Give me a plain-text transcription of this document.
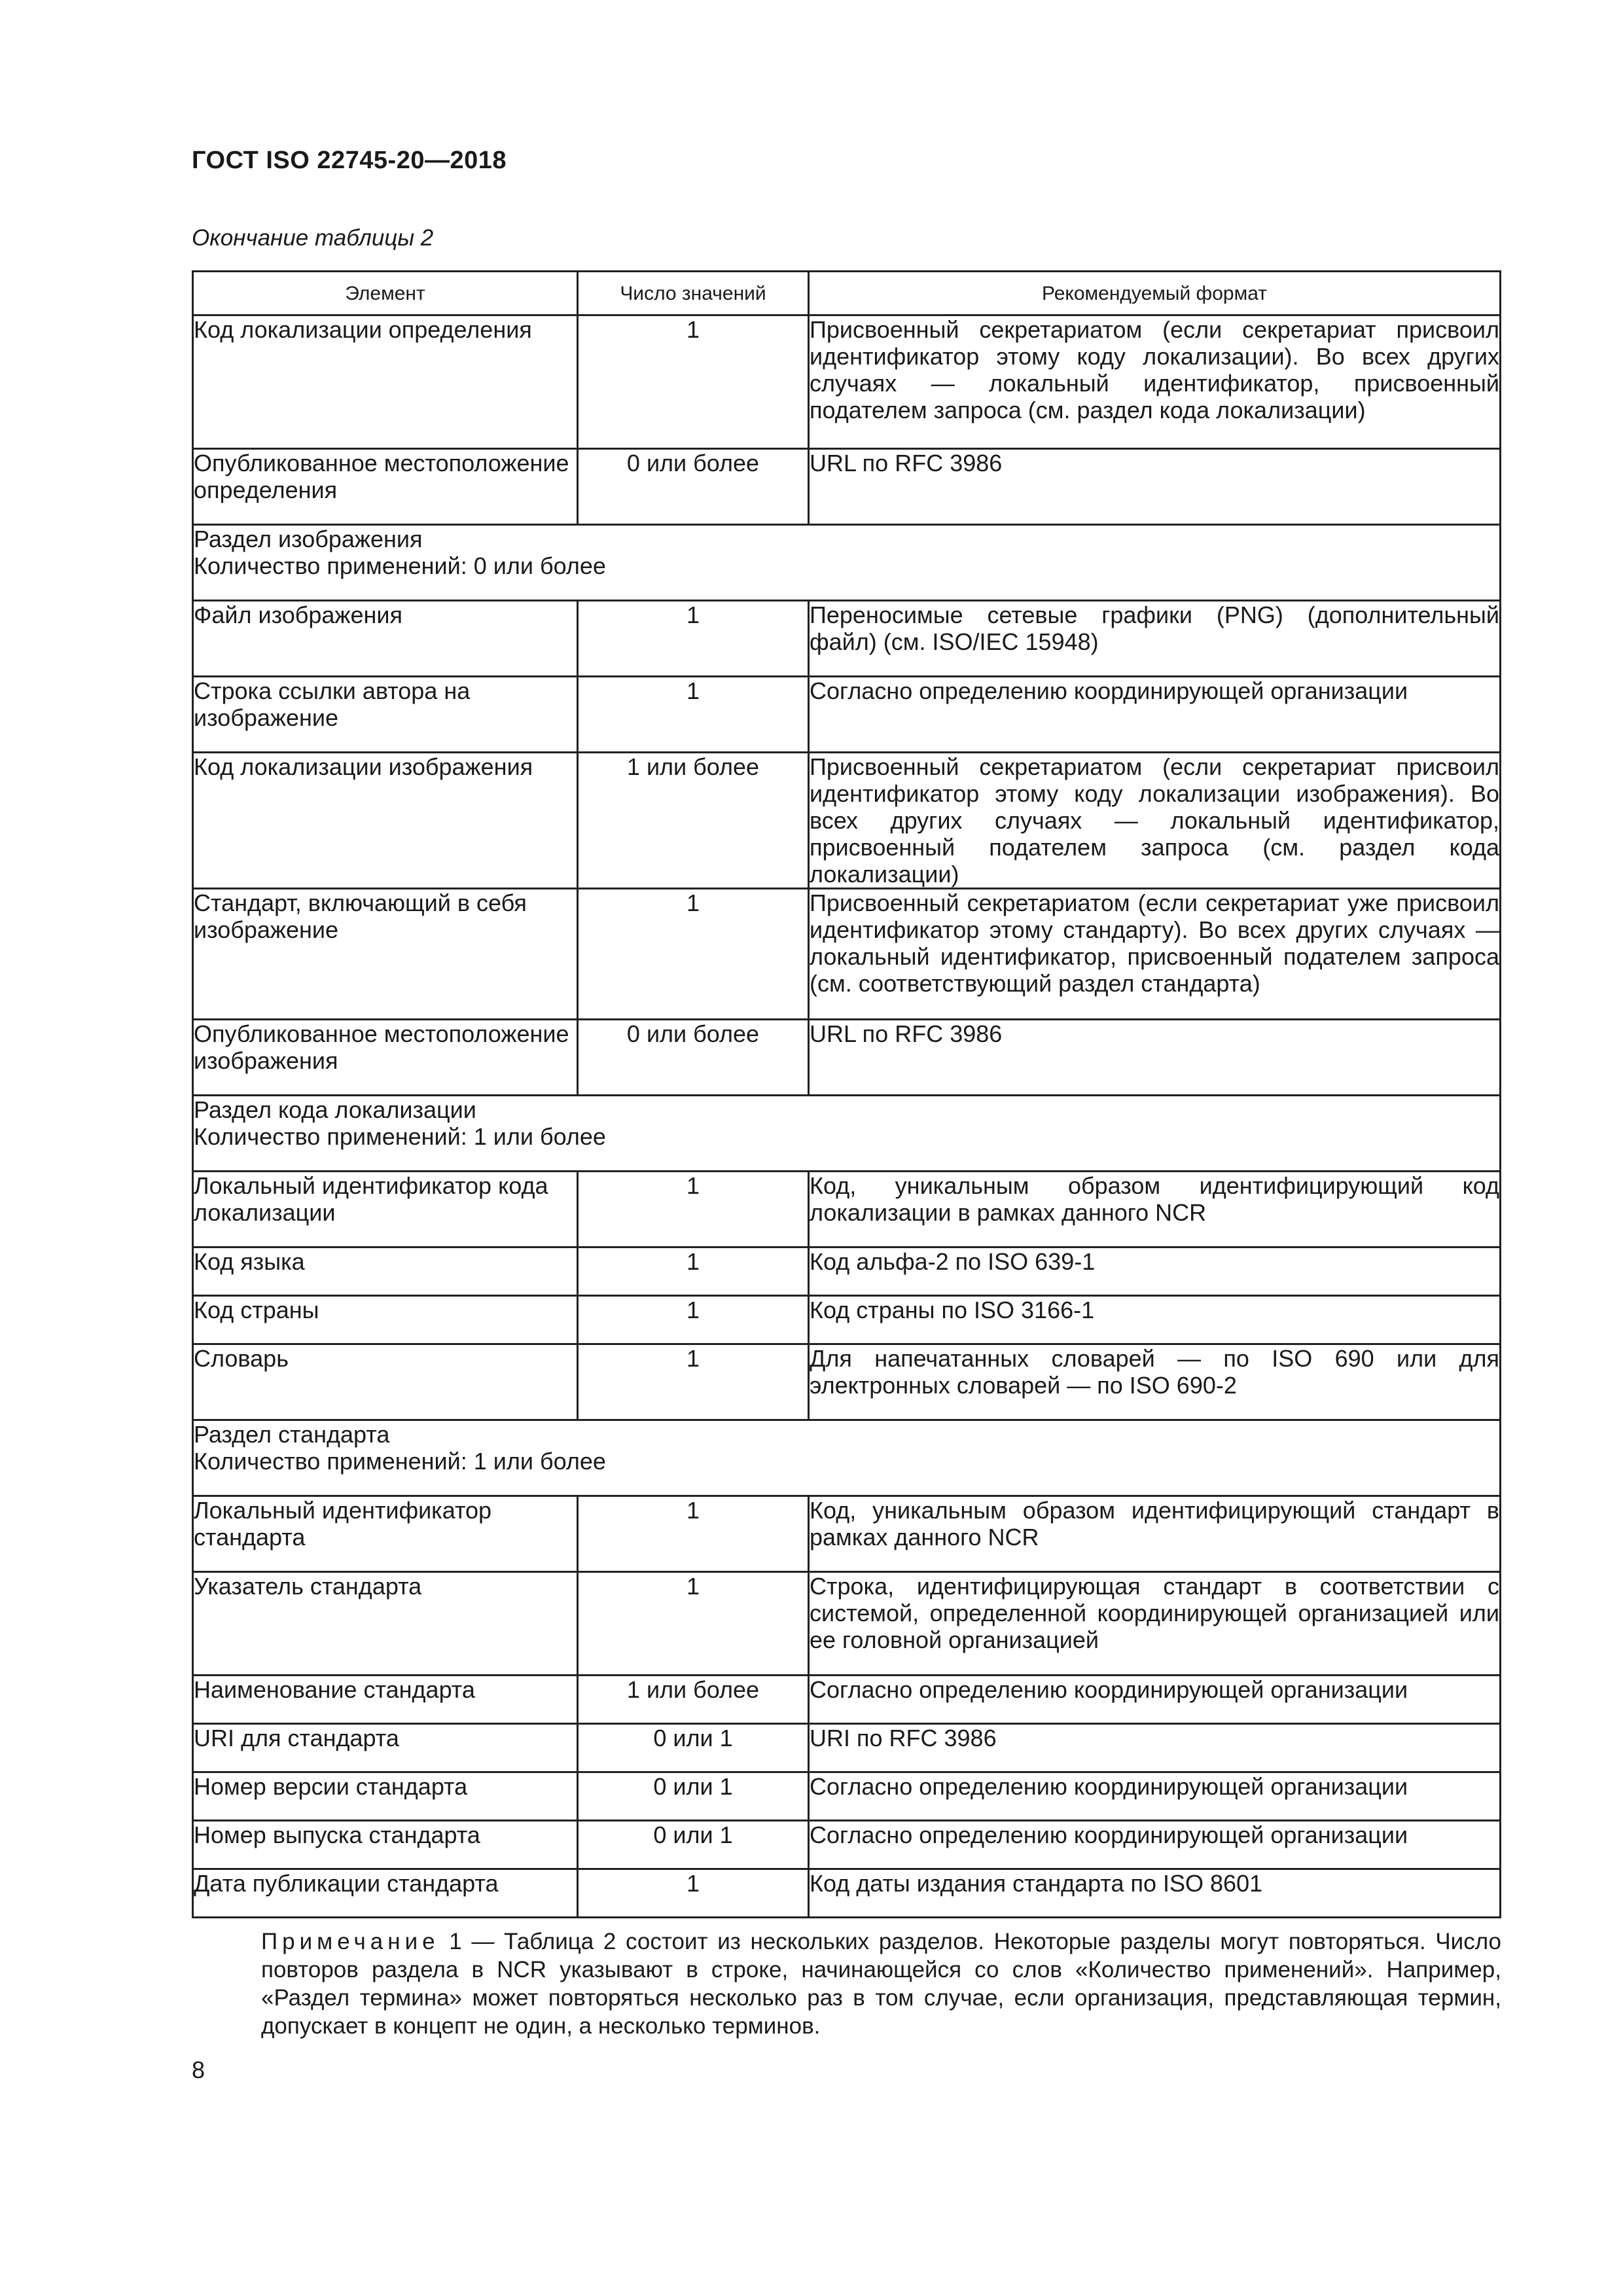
ГОСТ ISO 22745-20—2018
Окончание таблицы 2
Элемент	Число значений	Рекомендуемый формат
Код локализации определения	1	Присвоенный секретариатом (если секретариат присвоил идентификатор этому коду локализации). Во всех других случаях — локальный идентификатор, присвоенный подателем запроса (см. раздел кода локализации)
Опубликованное местоположение определения	0 или более	URL по RFC 3986

Раздел изображения
Количество применений: 0 или более		

Файл изображения	1	Переносимые сетевые графики (PNG) (дополнительный файл) (см. ISO/IEC 15948)
Строка ссылки автора на изображение	1	Согласно определению координирующей организации
Код локализации изображения	1 или более	Присвоенный секретариатом (если секретариат присвоил идентификатор этому коду локализации изображения). Во всех других случаях — локальный идентификатор, присвоенный подателем запроса (см. раздел кода локализации)
Стандарт, включающий в себя изображение	1	Присвоенный секретариатом (если секретариат уже присвоил идентификатор этому стандарту). Во всех других случаях — локальный идентификатор, присвоенный подателем запроса (см. соответствующий раздел стандарта)
Опубликованное местоположение изображения	0 или более	URL по RFC 3986

Раздел кода локализации
Количество применений: 1 или более		

Локальный идентификатор кода локализации	1	Код, уникальным образом идентифицирующий код локализации в рамках данного NCR
Код языка	1	Код альфа-2 по ISO 639-1
Код страны	1	Код страны по ISO 3166-1
Словарь	1	Для напечатанных словарей — по ISO 690 или для электронных словарей — по ISO 690-2

Раздел стандарта
Количество применений: 1 или более		

Локальный идентификатор стандарта	1	Код, уникальным образом идентифицирующий стандарт в рамках данного NCR
Указатель стандарта	1	Строка, идентифицирующая стандарт в соответствии с системой, определенной координирующей организацией или ее головной организацией
Наименование стандарта	1 или более	Согласно определению координирующей организации
URI для стандарта	0 или 1	URI по RFC 3986
Номер версии стандарта	0 или 1	Согласно определению координирующей организации
Номер выпуска стандарта	0 или 1	Согласно определению координирующей организации
Дата публикации стандарта	1	Код даты издания стандарта по ISO 8601
Примечание 1 — Таблица 2 состоит из нескольких разделов. Некоторые разделы могут повторяться. Число повторов раздела в NCR указывают в строке, начинающейся со слов «Количество применений». Например, «Раздел термина» может повторяться несколько раз в том случае, если организация, представляющая термин, допускает в концепт не один, а несколько терминов.
8
